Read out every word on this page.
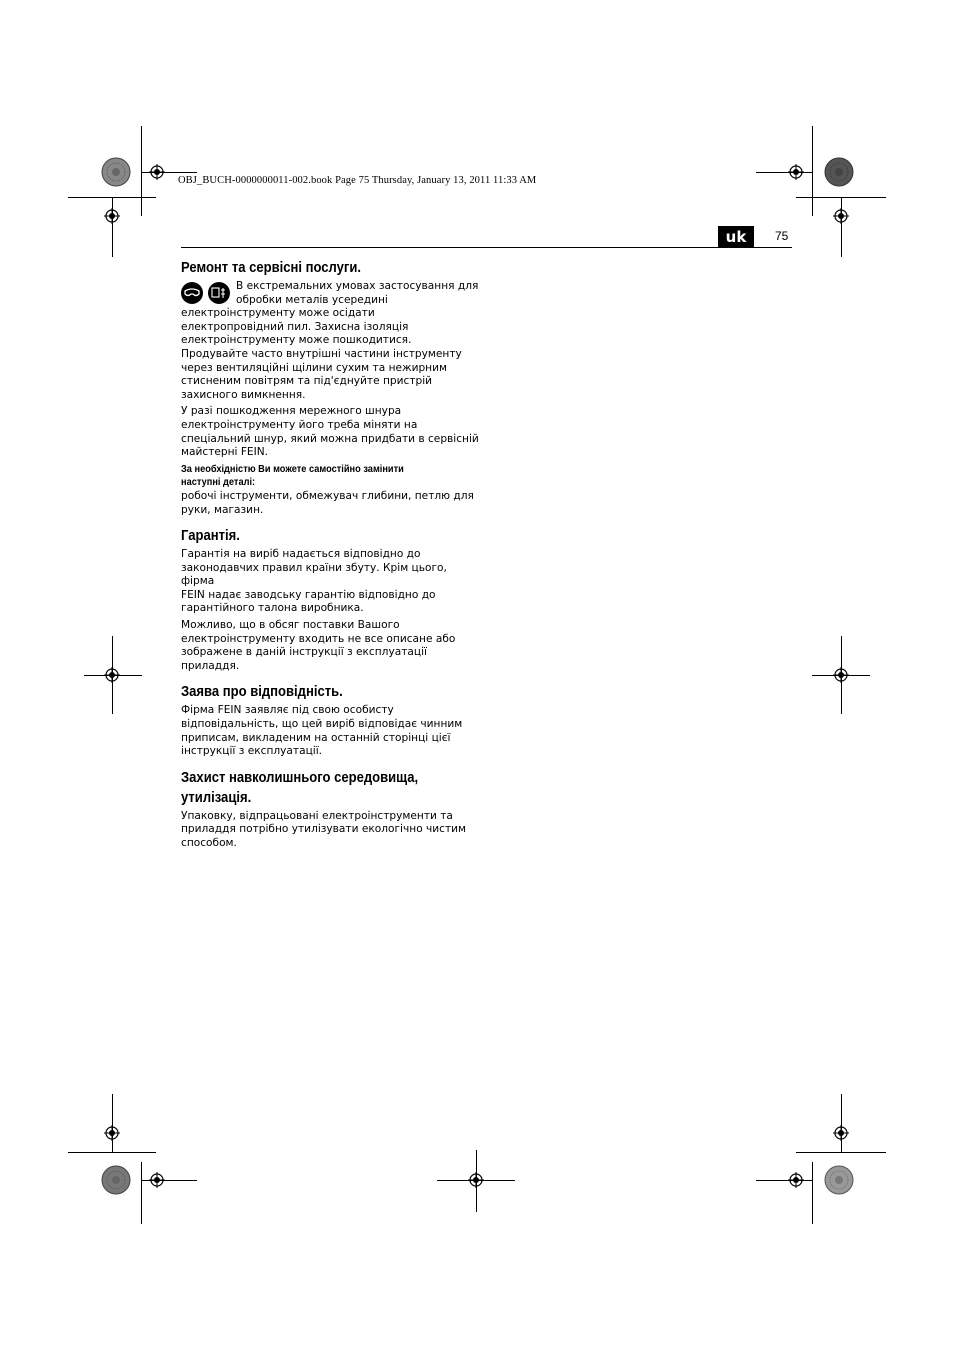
OBJ_BUCH-0000000011-002.book Page 75 Thursday, January 13, 2011 11:33 AM
uk	75
Ремонт та сервісні послуги.

В екстремальних умовах застосування для
обробки металів усередині
електроінструменту може осідати
електропровідний пил. Захисна ізоляція
електроінструменту може пошкодитися.
Продувайте часто внутрішні частини інструменту
через вентиляційні щілини сухим та нежирним
стисненим повітрям та під'єднуйте пристрій
захисного вимкнення.

У разі пошкодження мережного шнура
електроінструменту його треба міняти на
спеціальний шнур, який можна придбати в сервісній
майстерні FEIN.

За необхідністю Ви можете самостійно замінити
наступні деталі:

робочі інструменти, обмежувач глибини, петлю для
руки, магазин.

Гарантія.

Гарантія на виріб надається відповідно до
законодавчих правил країни збуту. Крім цього, фірма
FEIN надає заводську гарантію відповідно до
гарантійного талона виробника.

Можливо, що в обсяг поставки Вашого
електроінструменту входить не все описане або
зображене в даній інструкції з експлуатації
приладдя.

Заява про відповідність.

Фірма FEIN заявляє під свою особисту
відповідальність, що цей виріб відповідає чинним
приписам, викладеним на останній сторінці цієї
інструкції з експлуатації.

Захист навколишнього середовища,
утилізація.

Упаковку, відпрацьовані електроінструменти та
приладдя потрібно утилізувати екологічно чистим
способом.
